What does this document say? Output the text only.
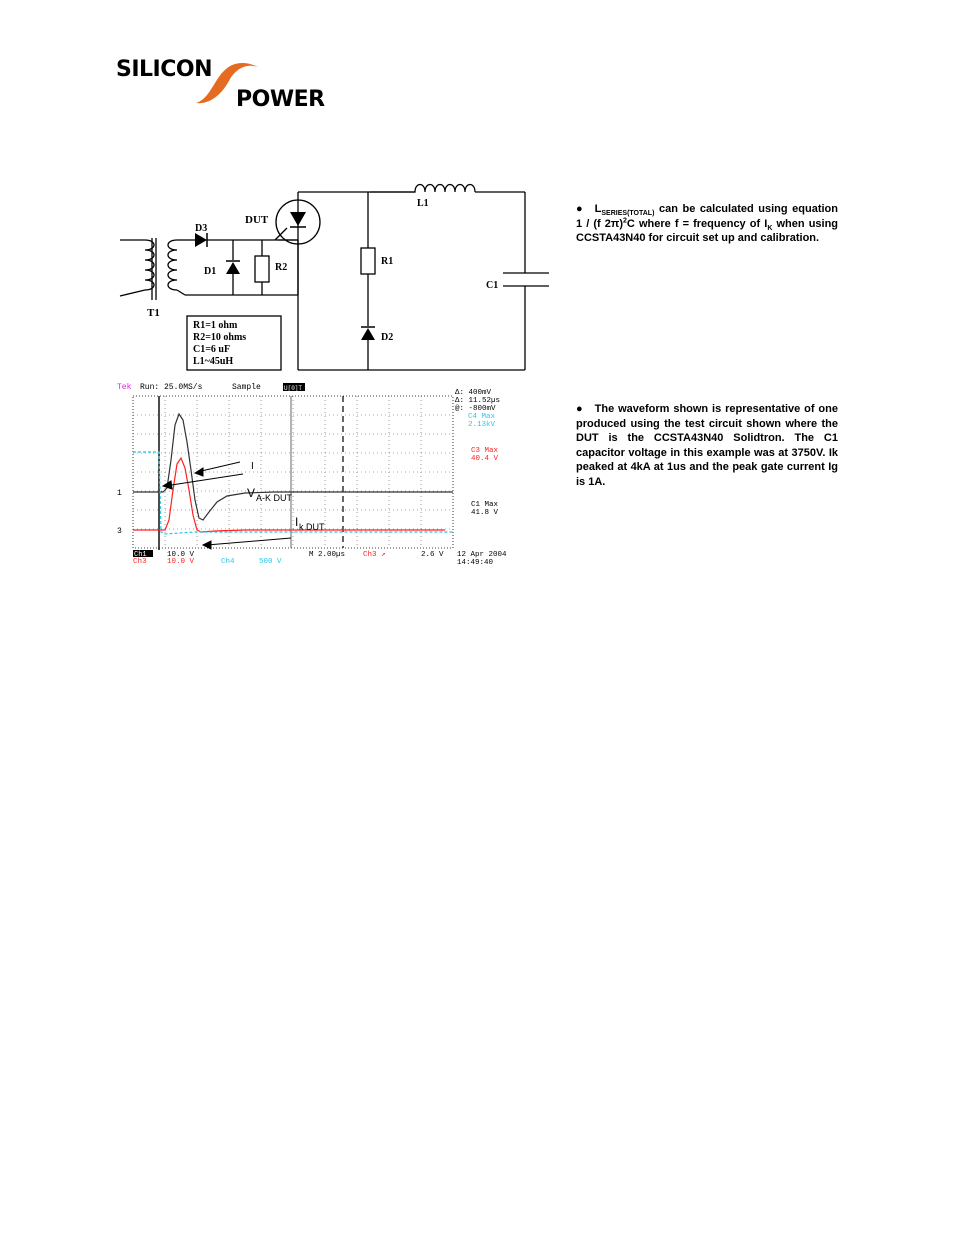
SILICON
POWER
DUT
D3
D1	R2
T1
L1
R1
C1
D2
R1=1 ohm
R2=10 ohms
C1=6 uF
L1~45uH
Tek Run: 25.0MS/s	Sample	U[0]T
1
3
I
V A-K DUT
I k DUT
Δ: 400mV
Δ: 11.52µs
@: -800mV
C4 Max
2.13kV
C3 Max
40.4 V
C1 Max
41.8 V
Ch1	10.0 V
Ch3	10.0 V	Ch4	500 V
M 2.00µs Ch3 ↗	2.6 V 12 Apr 2004
14:49:40
● $L_{SERIES(TOTAL)}$ can be calculated using equation 1 / (f 2π)$^2$C where f = frequency of $I_K$ when using CCSTA43N40 for circuit set up and calibration.
● The waveform shown is representative of one produced using the test circuit shown where the DUT is the CCSTA43N40 Solidtron. The C1 capacitor voltage in this example was at 3750V. Ik peaked at 4kA at 1us and the peak gate current Ig is 1A.
